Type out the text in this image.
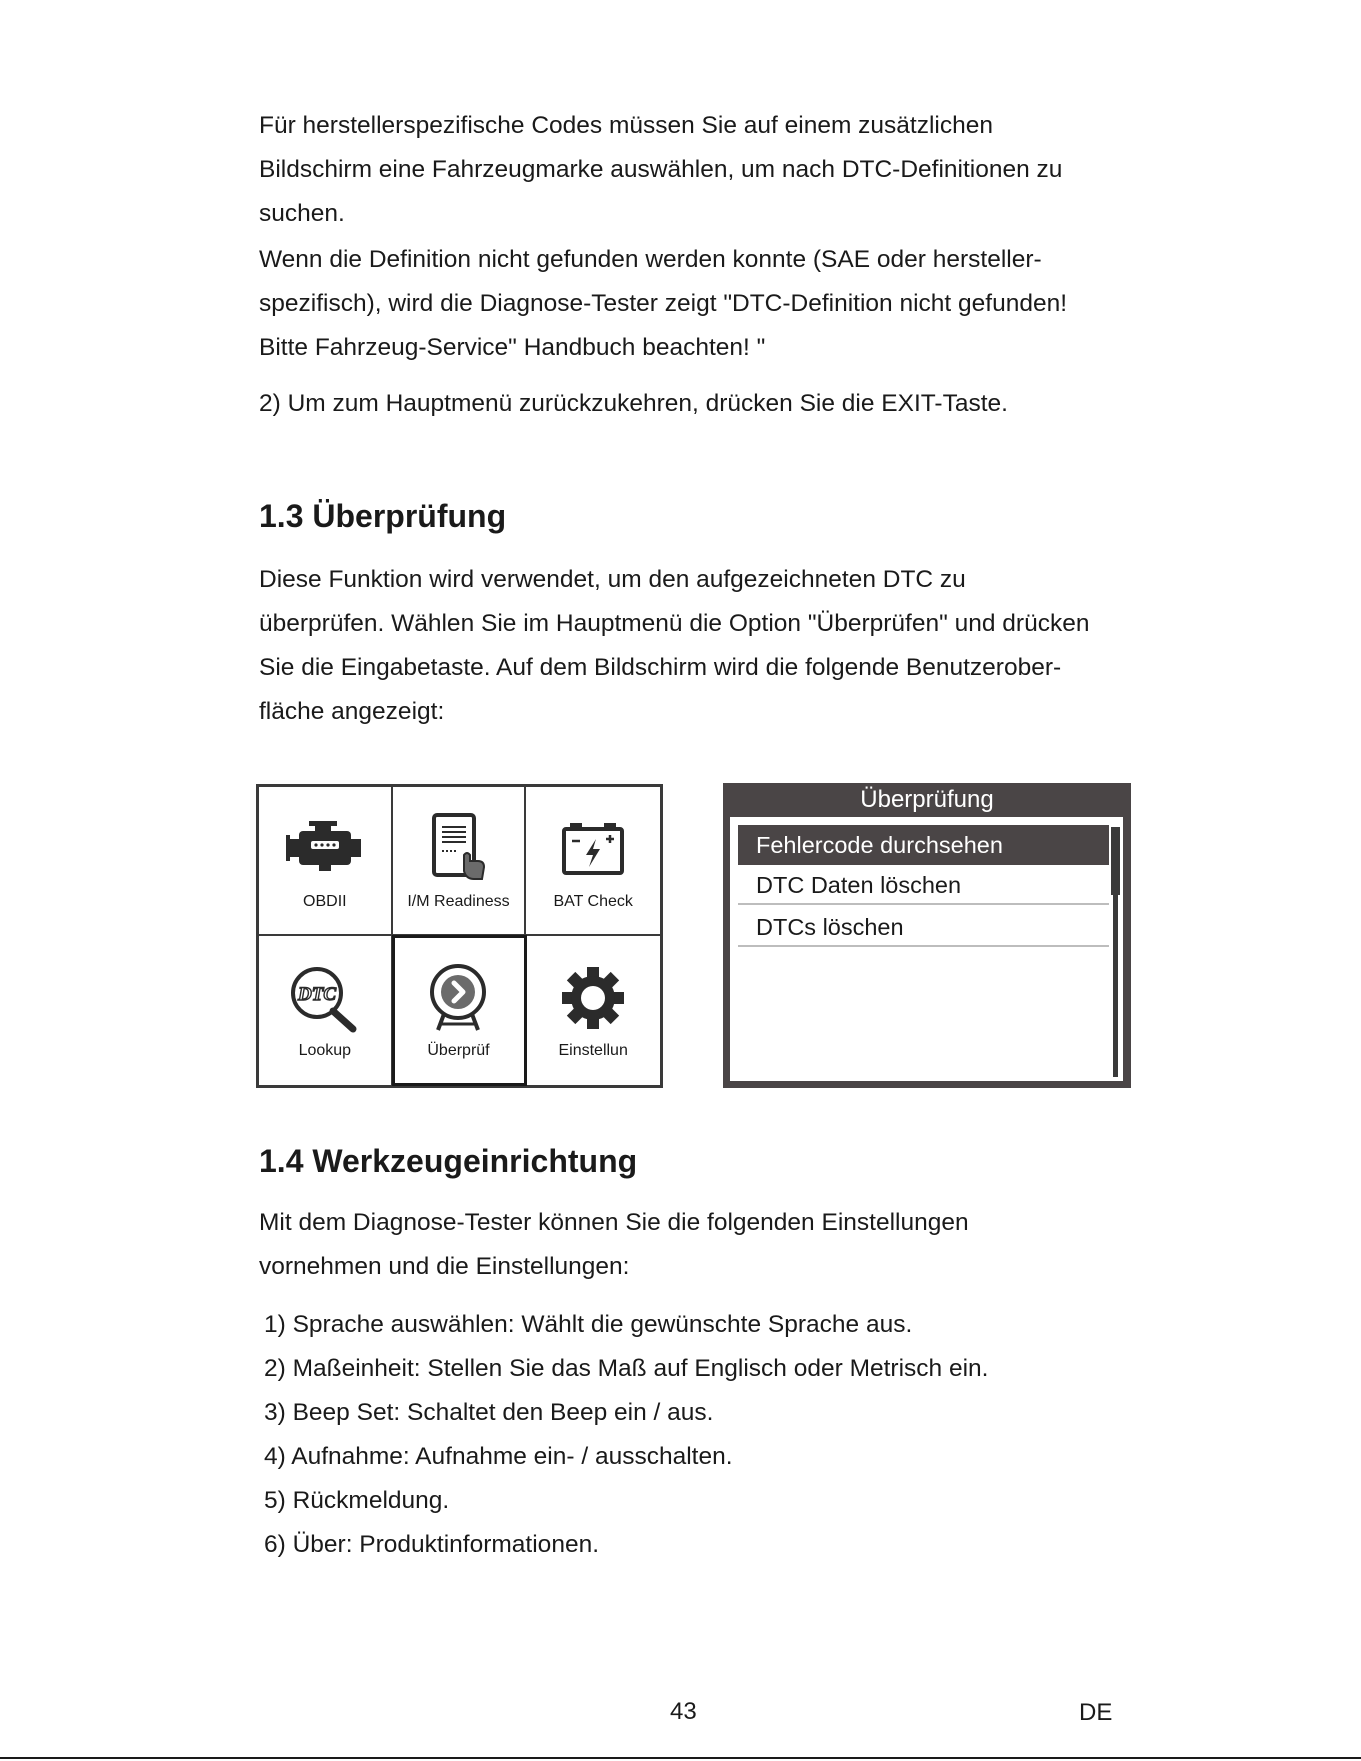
Für herstellerspezifische Codes müssen Sie auf einem zusätzlichen
Bildschirm eine Fahrzeugmarke auswählen, um nach DTC-Definitionen zu
suchen.
Wenn die Definition nicht gefunden werden konnte (SAE oder hersteller-
spezifisch), wird die Diagnose-Tester zeigt "DTC-Definition nicht gefunden!
Bitte Fahrzeug-Service" Handbuch beachten! "
2) Um zum Hauptmenü zurückzukehren, drücken Sie die EXIT-Taste.
1.3 Überprüfung
Diese Funktion wird verwendet, um den aufgezeichneten DTC zu
überprüfen. Wählen Sie im Hauptmenü die Option "Überprüfen" und drücken
Sie die Eingabetaste. Auf dem Bildschirm wird die folgende Benutzerober-
fläche angezeigt:
OBDII	I/M Readiness	BAT Check
DTC
Lookup	Überprüf	Einstellun
Überprüfung
Fehlercode durchsehen
DTC Daten löschen
DTCs löschen
1.4 Werkzeugeinrichtung
Mit dem Diagnose-Tester können Sie die folgenden Einstellungen
vornehmen und die Einstellungen:
1) Sprache auswählen: Wählt die gewünschte Sprache aus.
2) Maßeinheit: Stellen Sie das Maß auf Englisch oder Metrisch ein.
3) Beep Set: Schaltet den Beep ein / aus.
4) Aufnahme: Aufnahme ein- / ausschalten.
5) Rückmeldung.
6) Über: Produktinformationen.
43	DE
